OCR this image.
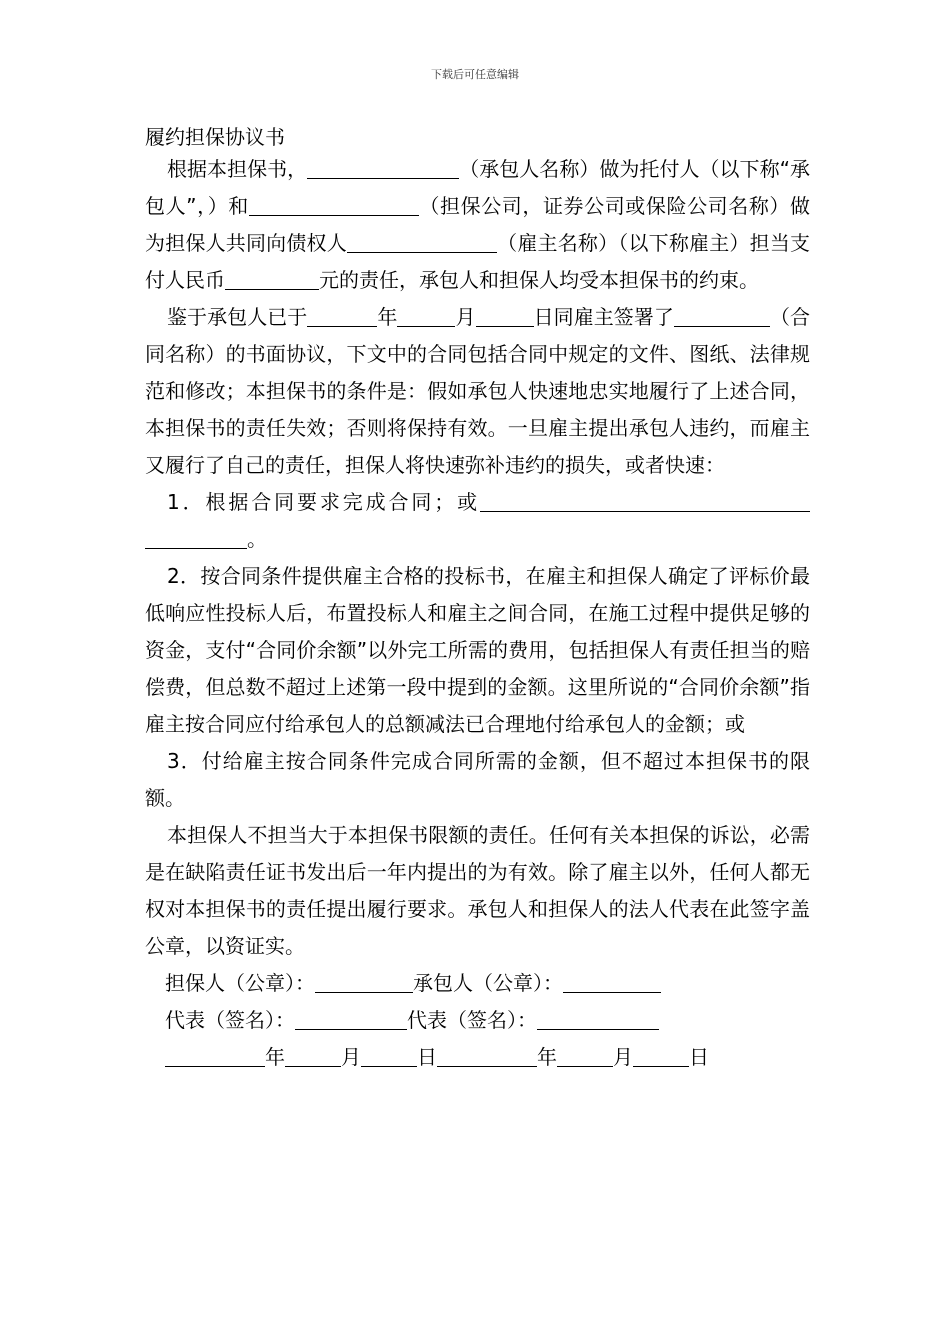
下载后可任意编辑

履约担保协议书

根据本担保书，	（承包人名称）做为托付人（以下称“承包人”，）和	（担保公司，证券公司或保险公司名称）做为担保人共同向债权人	（雇主名称）（以下称雇主）担当支付人民币	元的责任，承包人和担保人均受本担保书的约束。

鉴于承包人已于	年	月	日同雇主签署了	（合同名称）的书面协议，下文中的合同包括合同中规定的文件、图纸、法律规范和修改；本担保书的条件是：假如承包人快速地忠实地履行了上述合同，本担保书的责任失效；否则将保持有效。一旦雇主提出承包人违约，而雇主又履行了自己的责任，担保人将快速弥补违约的损失，或者快速：

1．根据合同要求完成合同；或。

2．按合同条件提供雇主合格的投标书，在雇主和担保人确定了评标价最低响应性投标人后，布置投标人和雇主之间合同，在施工过程中提供足够的资金，支付“合同价余额”以外完工所需的费用，包括担保人有责任担当的赔偿费，但总数不超过上述第一段中提到的金额。这里所说的“合同价余额”指雇主按合同应付给承包人的总额减法已合理地付给承包人的金额；或

3．付给雇主按合同条件完成合同所需的金额，但不超过本担保书的限额。

本担保人不担当大于本担保书限额的责任。任何有关本担保的诉讼，必需是在缺陷责任证书发出后一年内提出的为有效。除了雇主以外，任何人都无权对本担保书的责任提出履行要求。承包人和担保人的法人代表在此签字盖公章，以资证实。

担保人（公章）：	承包人（公章）：

代表（签名）：	代表（签名）：

年	月	日	年	月	日
